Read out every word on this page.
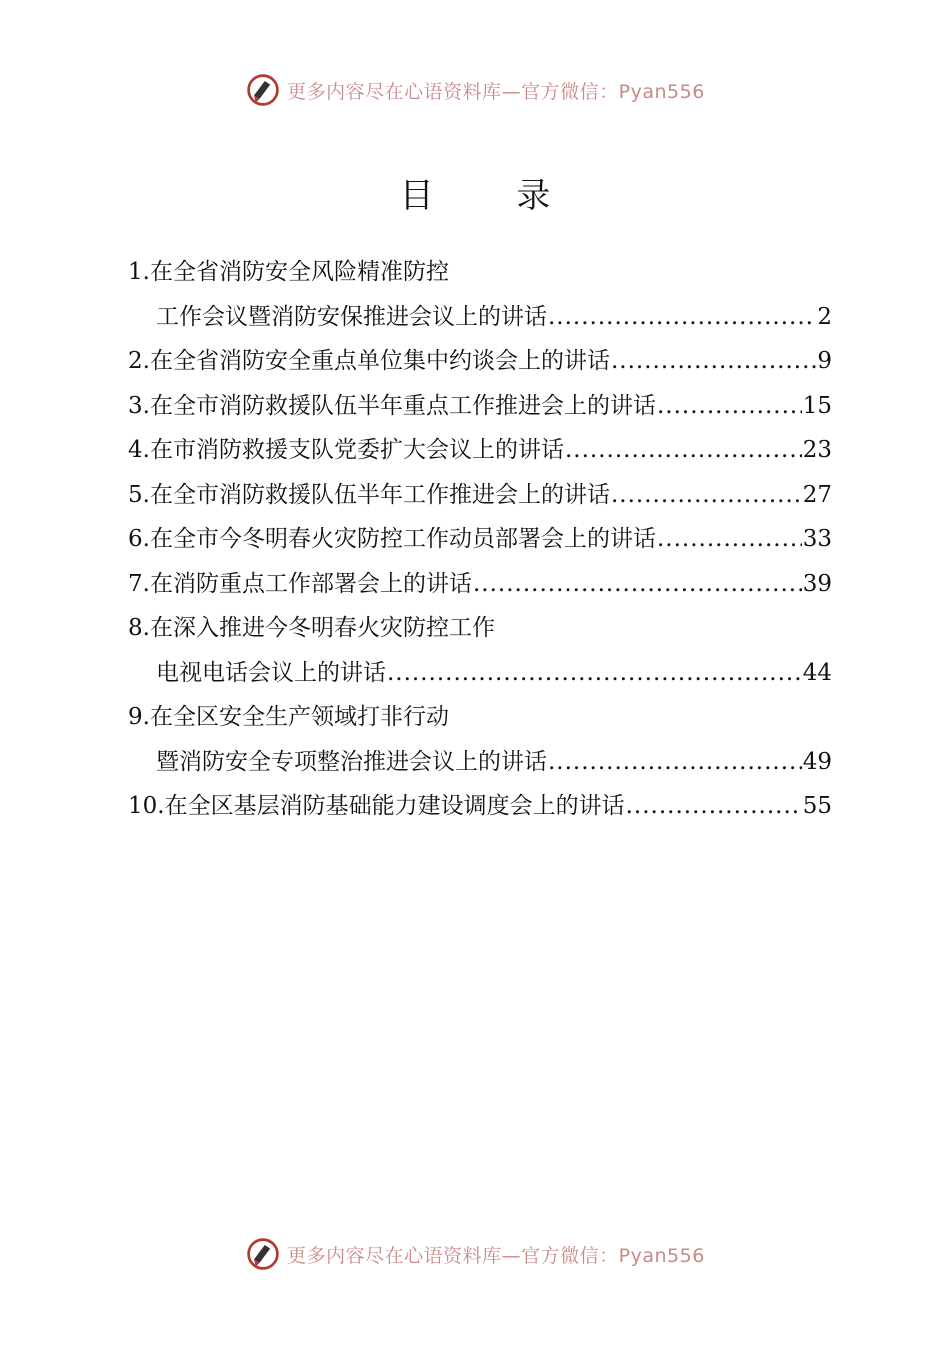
更多内容尽在心语资料库—官方微信：Pyan556
目 录
1.在全省消防安全风险精准防控
工作会议暨消防安保推进会议上的讲话 .....	2
2.在全省消防安全重点单位集中约谈会上的讲话 .....	9
3.在全市消防救援队伍半年重点工作推进会上的讲话 .....	15
4.在市消防救援支队党委扩大会议上的讲话 .....	23
5.在全市消防救援队伍半年工作推进会上的讲话 .....	27
6.在全市今冬明春火灾防控工作动员部署会上的讲话 .....	33
7.在消防重点工作部署会上的讲话 .....	39
8.在深入推进今冬明春火灾防控工作
电视电话会议上的讲话 .....	44
9.在全区安全生产领域打非行动
暨消防安全专项整治推进会议上的讲话 .....	49
10.在全区基层消防基础能力建设调度会上的讲话 .....	55
更多内容尽在心语资料库—官方微信：Pyan556
